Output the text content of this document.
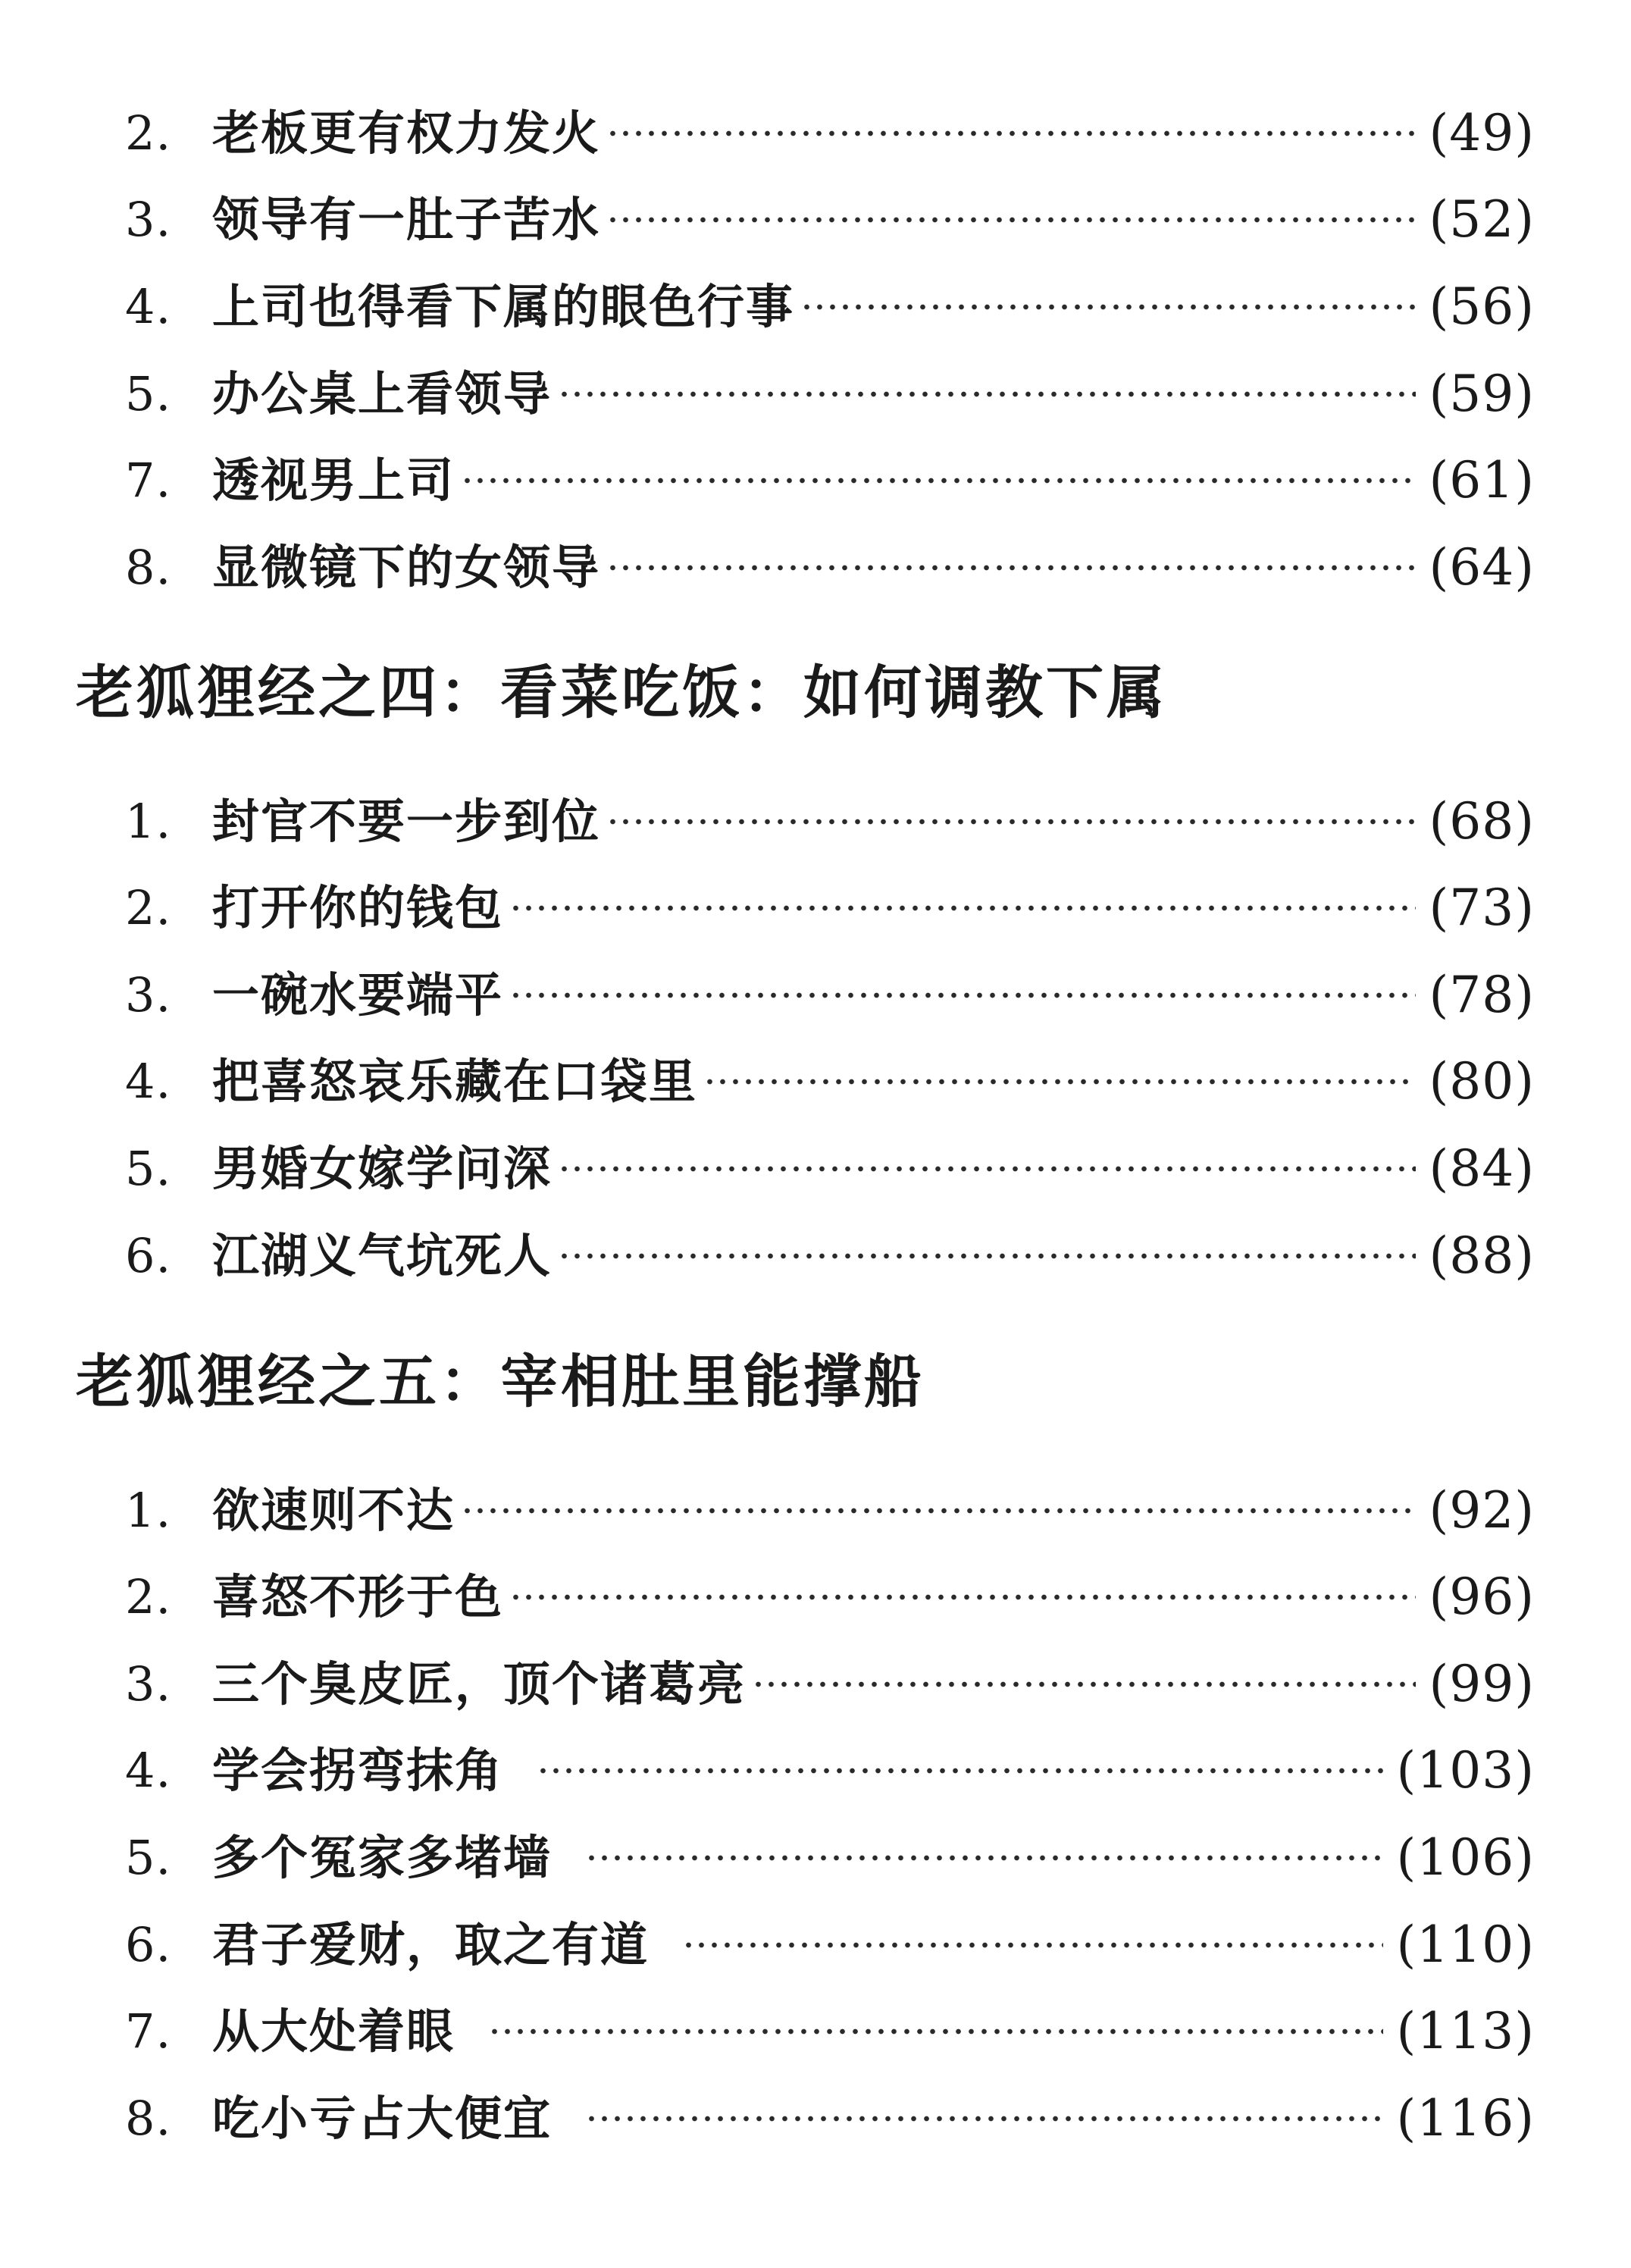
2. 老板更有权力发火	(49)
3. 领导有一肚子苦水	(52)
4. 上司也得看下属的眼色行事	(56)
5. 办公桌上看领导	(59)
7. 透视男上司	(61)
8. 显微镜下的女领导	(64)
老狐狸经之四：看菜吃饭：如何调教下属
1. 封官不要一步到位	(68)
2. 打开你的钱包	(73)
3. 一碗水要端平	(78)
4. 把喜怒哀乐藏在口袋里	(80)
5. 男婚女嫁学问深	(84)
6. 江湖义气坑死人	(88)
老狐狸经之五：宰相肚里能撑船
1. 欲速则不达	(92)
2. 喜怒不形于色	(96)
3. 三个臭皮匠，顶个诸葛亮	(99)
4. 学会拐弯抹角	(103)
5. 多个冤家多堵墙	(106)
6. 君子爱财，取之有道	(110)
7. 从大处着眼	(113)
8. 吃小亏占大便宜	(116)
